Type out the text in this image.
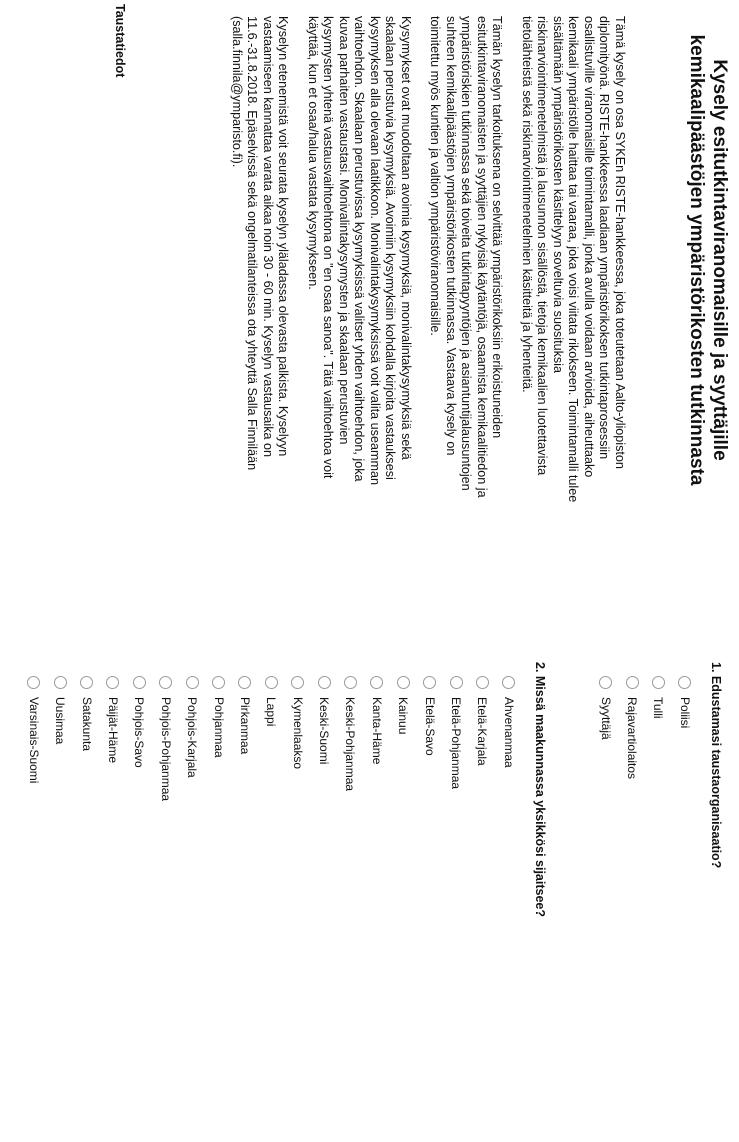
Kysely esitutkintaviranomaisille ja syyttäjille kemikaalipäästöjen ympäristörikosten tutkinnasta

Tämä kysely on osa SYKEn RISTE-hankkeessa, joka toteutetaan Aalto-yliopiston diplomityönä. RISTE-hankkeessa laadiaan ympäristörikoksen tutkintaprosessiin osallistuville viranomaisille toimintamalli, jonka avulla voidaan arvioida, aiheuttaako kemikaali ympäristölle haittaa tai vaaraa, joka voisi viitata rikokseen. Toimintamalli tulee sisältämään ympäristörikosten käsittelyyn soveltuvia suosituksia riskinarviointimenetelmistä ja lausunnon sisällöstä, tietoja kemikaalien luotettavista tietolähteistä sekä riskinarviointimenetelmien käsitteitä ja lyhenteitä.

Tämän kyselyn tarkoituksena on selvittää ympäristörikoksiin erikoistuneiden esitutkintaviranomaisten ja syyttäjien nykyisiä käytäntöjä, osaamista kemikaalitiedon ja ympäristöriskien tutkinnassa sekä toiveita tutkintapyyntöjen ja asiantuntijalausuntojen suhteen kemikaalipäästöjen ympäristörikosten tutkinnassa. Vastaava kysely on toimitettu myös kuntien ja valtion ympäristöviranomaisille.

Kysymykset ovat muodoltaan avoimia kysymyksiä, monivalintakysymyksiä sekä skaalaan perustuvia kysymyksiä. Avoimiin kysymyksiin kohdalla kirjoita vastauksesi kysymyksen alla olevaan laatikkoon. Monivalintakysymyksissä voit valita useamman vaihtoehdon. Skaalaan perustuvissa kysymyksissä valitset yhden vaihtoehdon, joka kuvaa parhaiten vastaustasi. Monivalintakysymysten ja skaalaan perustuvien kysymysten yhtenä vastausvaihtoehtona on "en osaa sanoa". Tätä vaihtoehtoa voit käyttää, kun et osaa/halua vastata kysymykseen.

Kyselyn etenemistä voit seurata kyselyn yläladassa olevasta palkista. Kyselyyn vastaamiseen kannattaa varata aikaa noin 30 - 60 min. Kyselyn vastausaika on 11.6.-31.8.2018. Epäselvissä sekä ongelmatilanteissa ota yhteyttä Salla Finnilään (salla.finnila@ymparisto.fi).

Taustatiedot
1. Edustamasi taustaorganisaatio?
Poliisi
Tulli
Rajavartiolaitos
Syyttäjä
2. Missä maakunnassa yksikkösi sijaitsee?
Ahvenanmaa
Etelä-Karjala
Etelä-Pohjanmaa
Etelä-Savo
Kainuu
Kanta-Häme
Keski-Pohjanmaa
Keski-Suomi
Kymenlaakso
Lappi
Pirkanmaa
Pohjanmaa
Pohjois-Karjala
Pohjois-Pohjanmaa
Pohjois-Savo
Päijät-Häme
Satakunta
Uusimaa
Varsinais-Suomi
